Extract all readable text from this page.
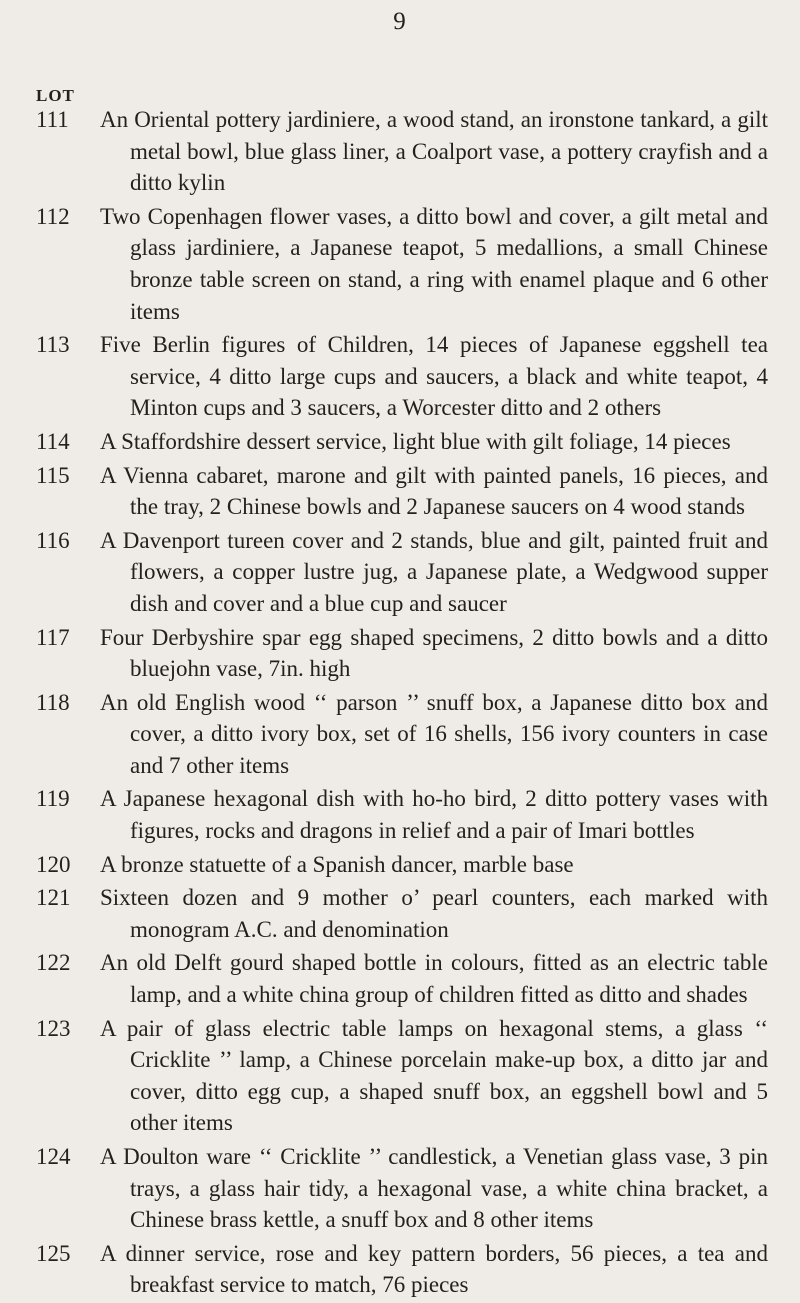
9
LOT
111	An Oriental pottery jardiniere, a wood stand, an ironstone tankard, a gilt metal bowl, blue glass liner, a Coalport vase, a pottery crayfish and a ditto kylin
112	Two Copenhagen flower vases, a ditto bowl and cover, a gilt metal and glass jardiniere, a Japanese teapot, 5 medallions, a small Chinese bronze table screen on stand, a ring with enamel plaque and 6 other items
113	Five Berlin figures of Children, 14 pieces of Japanese eggshell tea service, 4 ditto large cups and saucers, a black and white teapot, 4 Minton cups and 3 saucers, a Worcester ditto and 2 others
114	A Staffordshire dessert service, light blue with gilt foliage, 14 pieces
115	A Vienna cabaret, marone and gilt with painted panels, 16 pieces, and the tray, 2 Chinese bowls and 2 Japanese saucers on 4 wood stands
116	A Davenport tureen cover and 2 stands, blue and gilt, painted fruit and flowers, a copper lustre jug, a Japanese plate, a Wedgwood supper dish and cover and a blue cup and saucer
117	Four Derbyshire spar egg shaped specimens, 2 ditto bowls and a ditto bluejohn vase, 7in. high
118	An old English wood ‘‘ parson ’’ snuff box, a Japanese ditto box and cover, a ditto ivory box, set of 16 shells, 156 ivory counters in case and 7 other items
119	A Japanese hexagonal dish with ho-ho bird, 2 ditto pottery vases with figures, rocks and dragons in relief and a pair of Imari bottles
120	A bronze statuette of a Spanish dancer, marble base
121	Sixteen dozen and 9 mother o’ pearl counters, each marked with monogram A.C. and denomination
122	An old Delft gourd shaped bottle in colours, fitted as an electric table lamp, and a white china group of children fitted as ditto and shades
123	A pair of glass electric table lamps on hexagonal stems, a glass ‘‘ Cricklite ’’ lamp, a Chinese porcelain make-up box, a ditto jar and cover, ditto egg cup, a shaped snuff box, an eggshell bowl and 5 other items
124	A Doulton ware ‘‘ Cricklite ’’ candlestick, a Venetian glass vase, 3 pin trays, a glass hair tidy, a hexagonal vase, a white china bracket, a Chinese brass kettle, a snuff box and 8 other items
125	A dinner service, rose and key pattern borders, 56 pieces, a tea and breakfast service to match, 76 pieces
